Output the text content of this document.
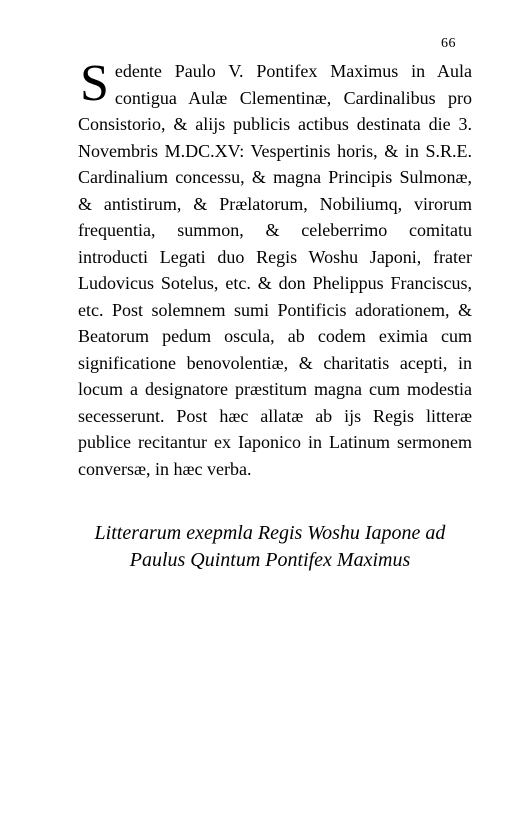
66

Sedente Paulo V. Pontifex Maximus in Aula contigua Aulæ Clementinæ, Cardinalibus pro Consistorio, & alijs publicis actibus destinata die 3. Novembris M.DC.XV: Vespertinis horis, & in S.R.E. Cardinalium concessu, & magna Principis Sulmonæ, & antistirum, & Prælatorum, Nobiliumq, virorum frequentia, summon, & celeberrimo comitatu introducti Legati duo Regis Woshu Japoni, frater Ludovicus Sotelus, etc. & don Phelippus Franciscus, etc. Post solemnem sumi Pontificis adorationem, & Beatorum pedum oscula, ab codem eximia cum significatione benovolentiæ, & charitatis acepti, in locum a designatore præstitum magna cum modestia secesserunt. Post hæc allatæ ab ijs Regis litteræ publice recitantur ex Iaponico in Latinum sermonem conversæ, in hæc verba.

Litterarum exepmla Regis Woshu Iapone ad
Paulus Quintum Pontifex Maximus
